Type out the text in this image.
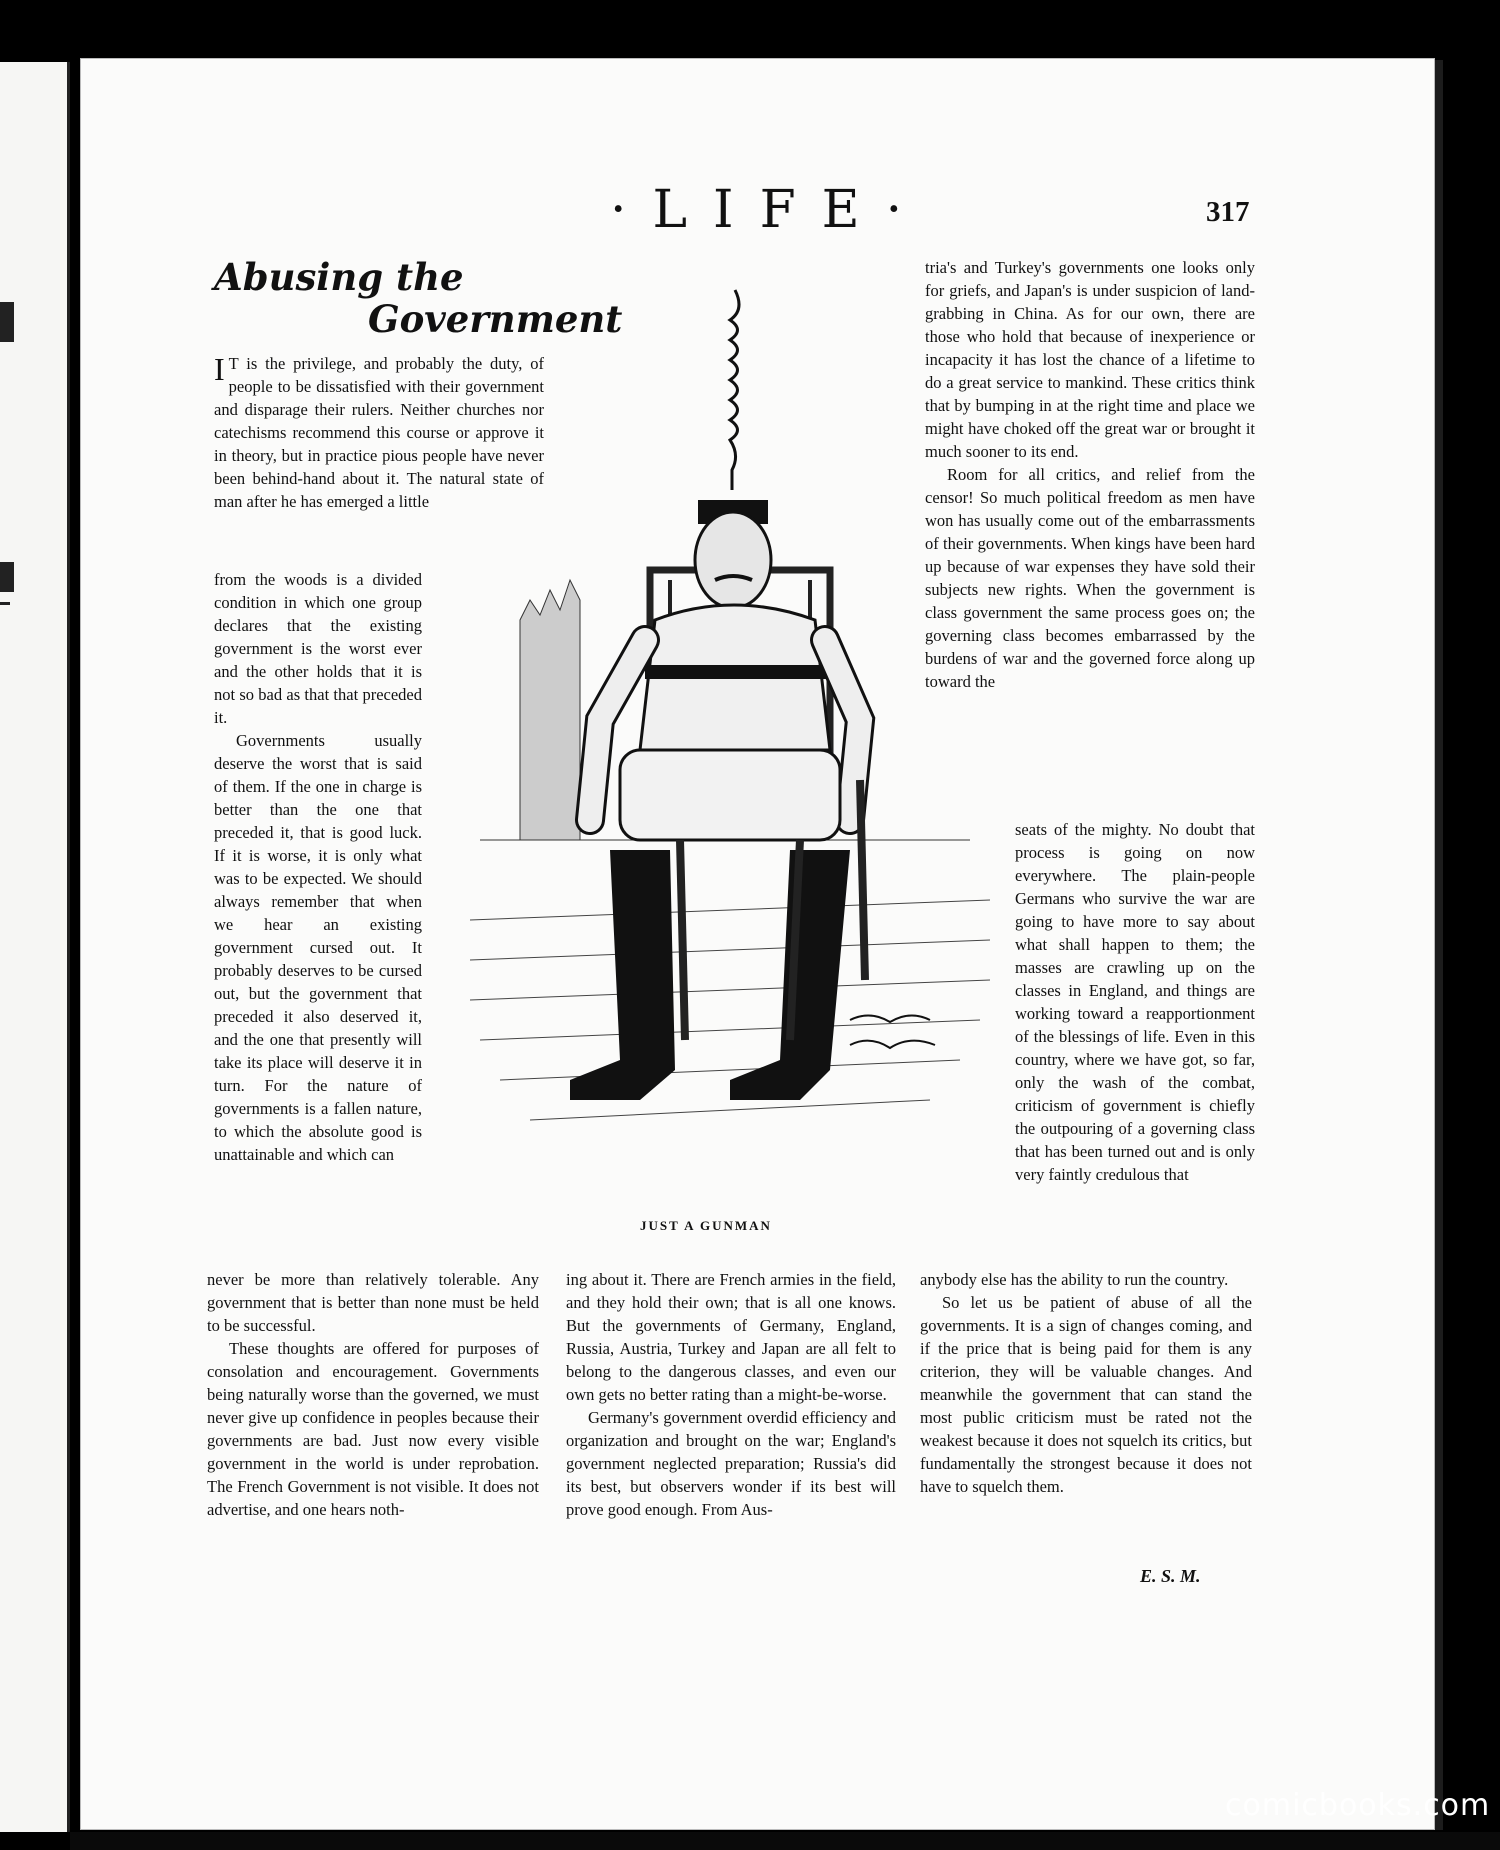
·LIFE·	317
Abusing the
Government

I T is the privilege, and probably the duty, of people to be dissatisfied with their government and disparage their rulers. Neither churches nor catechisms recommend this course or approve it in theory, but in practice pious people have never been behind-hand about it. The natural state of man after he has emerged a little

from the woods is a divided condition in which one group declares that the existing government is the worst ever and the other holds that it is not so bad as that that preceded it.

Governments usually deserve the worst that is said of them. If the one in charge is better than the one that preceded it, that is good luck. If it is worse, it is only what was to be expected. We should always remember that when we hear an existing government cursed out. It probably deserves to be cursed out, but the government that preceded it also deserved it, and the one that presently will take its place will deserve it in turn. For the nature of governments is a fallen nature, to which the absolute good is unattainable and which can

never be more than relatively tolerable. Any government that is better than none must be held to be successful.

These thoughts are offered for purposes of consolation and encouragement. Governments being naturally worse than the governed, we must never give up confidence in peoples because their governments are bad. Just now every visible government in the world is under reprobation. The French Government is not visible. It does not advertise, and one hears noth-

ing about it. There are French armies in the field, and they hold their own; that is all one knows. But the governments of Germany, England, Russia, Austria, Turkey and Japan are all felt to belong to the dangerous classes, and even our own gets no better rating than a might-be-worse.

Germany's government overdid efficiency and organization and brought on the war; England's government neglected preparation; Russia's did its best, but observers wonder if its best will prove good enough. From Aus-

tria's and Turkey's governments one looks only for griefs, and Japan's is under suspicion of land-grabbing in China. As for our own, there are those who hold that because of inexperience or incapacity it has lost the chance of a lifetime to do a great service to mankind. These critics think that by bumping in at the right time and place we might have choked off the great war or brought it much sooner to its end.

Room for all critics, and relief from the censor! So much political freedom as men have won has usually come out of the embarrassments of their governments. When kings have been hard up because of war expenses they have sold their subjects new rights. When the government is class government the same process goes on; the governing class becomes embarrassed by the burdens of war and the governed force along up toward the

seats of the mighty. No doubt that process is going on now everywhere. The plain-people Germans who survive the war are going to have more to say about what shall happen to them; the masses are crawling up on the classes in England, and things are working toward a reapportionment of the blessings of life. Even in this country, where we have got, so far, only the wash of the combat, criticism of government is chiefly the outpouring of a governing class that has been turned out and is only very faintly credulous that

anybody else has the ability to run the country.

So let us be patient of abuse of all the governments. It is a sign of changes coming, and if the price that is being paid for them is any criterion, they will be valuable changes. And meanwhile the government that can stand the most public criticism must be rated not the weakest because it does not squelch its critics, but fundamentally the strongest because it does not have to squelch them.

E. S. M.
JUST A GUNMAN
comicbooks.com
